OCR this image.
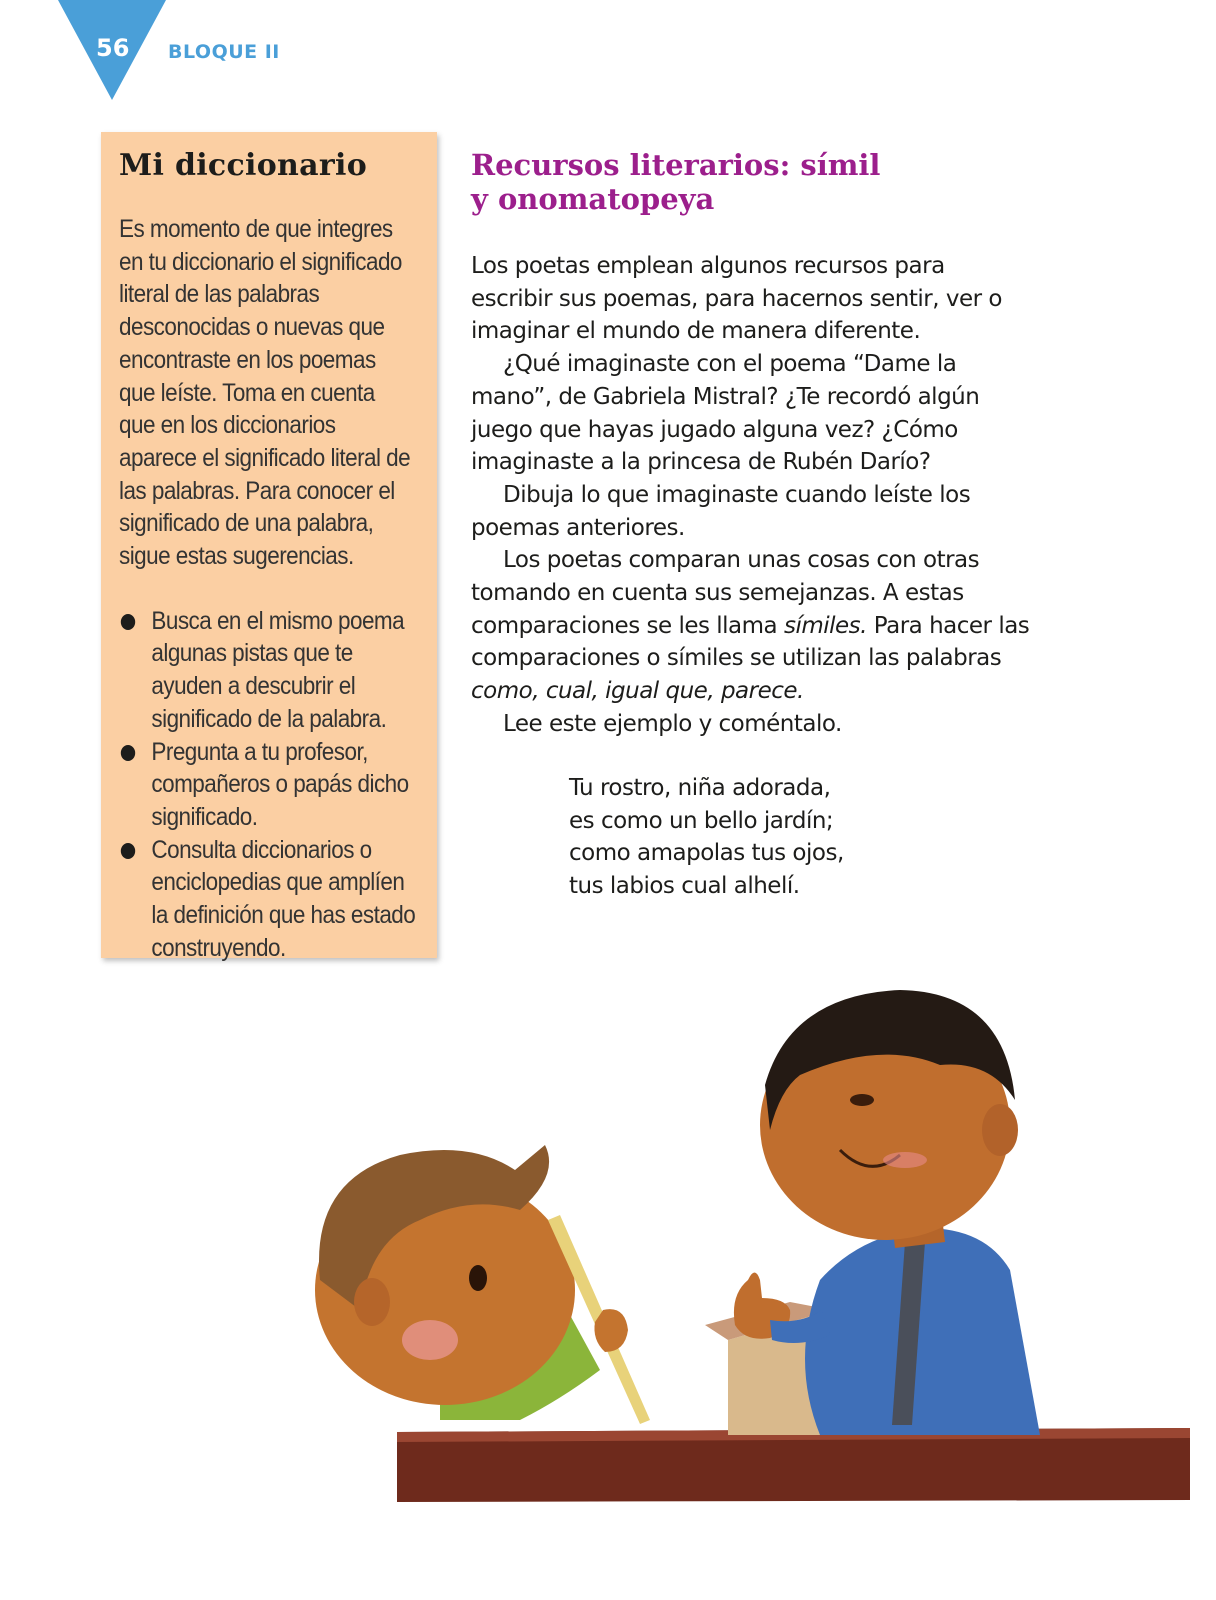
56 BLOQUE II
Mi diccionario

Es momento de que integres en tu diccionario el significado literal de las palabras desconocidas o nuevas que encontraste en los poemas que leíste. Toma en cuenta que en los diccionarios aparece el significado literal de las palabras. Para conocer el significado de una palabra, sigue estas sugerencias.

Busca en el mismo poema algunas pistas que te ayuden a descubrir el significado de la palabra.
Pregunta a tu profesor, compañeros o papás dicho significado.
Consulta diccionarios o enciclopedias que amplíen la definición que has estado construyendo.
Recursos literarios: símil
y onomatopeya

Los poetas emplean algunos recursos para escribir sus poemas, para hacernos sentir, ver o imaginar el mundo de manera diferente.

¿Qué imaginaste con el poema “Dame la mano”, de Gabriela Mistral? ¿Te recordó algún juego que hayas jugado alguna vez? ¿Cómo imaginaste a la princesa de Rubén Darío?

Dibuja lo que imaginaste cuando leíste los poemas anteriores.

Los poetas comparan unas cosas con otras tomando en cuenta sus semejanzas. A estas comparaciones se les llama símiles. Para hacer las comparaciones o símiles se utilizan las palabras como, cual, igual que, parece.

Lee este ejemplo y coméntalo.

Tu rostro, niña adorada,
es como un bello jardín;
como amapolas tus ojos,
tus labios cual alhelí.
